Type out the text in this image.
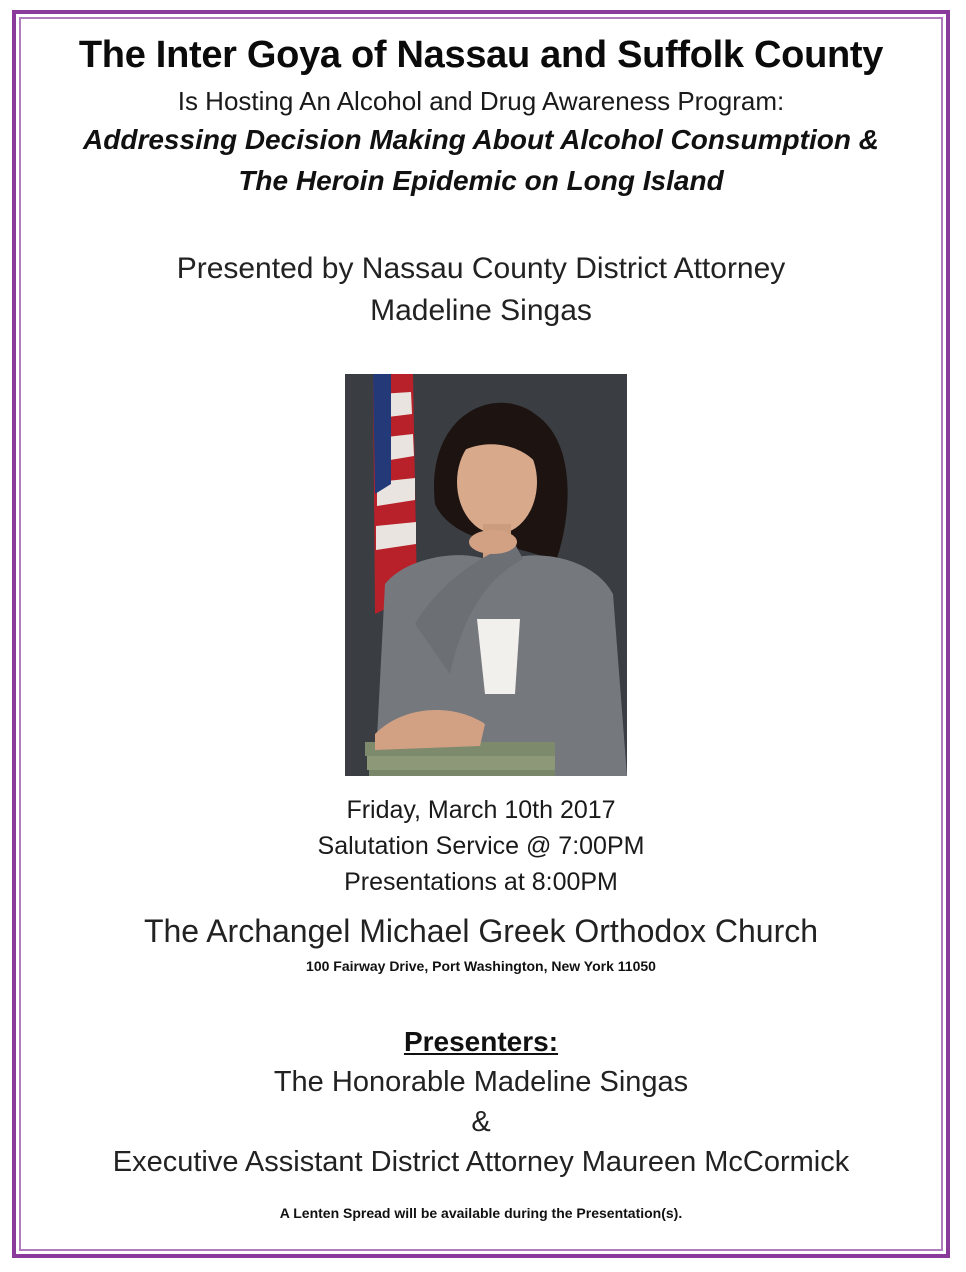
The Inter Goya of Nassau and Suffolk County
Is Hosting An Alcohol and Drug Awareness Program:
Addressing Decision Making About Alcohol Consumption &
The Heroin Epidemic on Long Island
Presented by Nassau County District Attorney
Madeline Singas
Friday, March 10th 2017
Salutation Service @ 7:00PM
Presentations at 8:00PM
The Archangel Michael Greek Orthodox Church
100 Fairway Drive, Port Washington, New York 11050
Presenters:
The Honorable Madeline Singas
&
Executive Assistant District Attorney Maureen McCormick
A Lenten Spread will be available during the Presentation(s).
